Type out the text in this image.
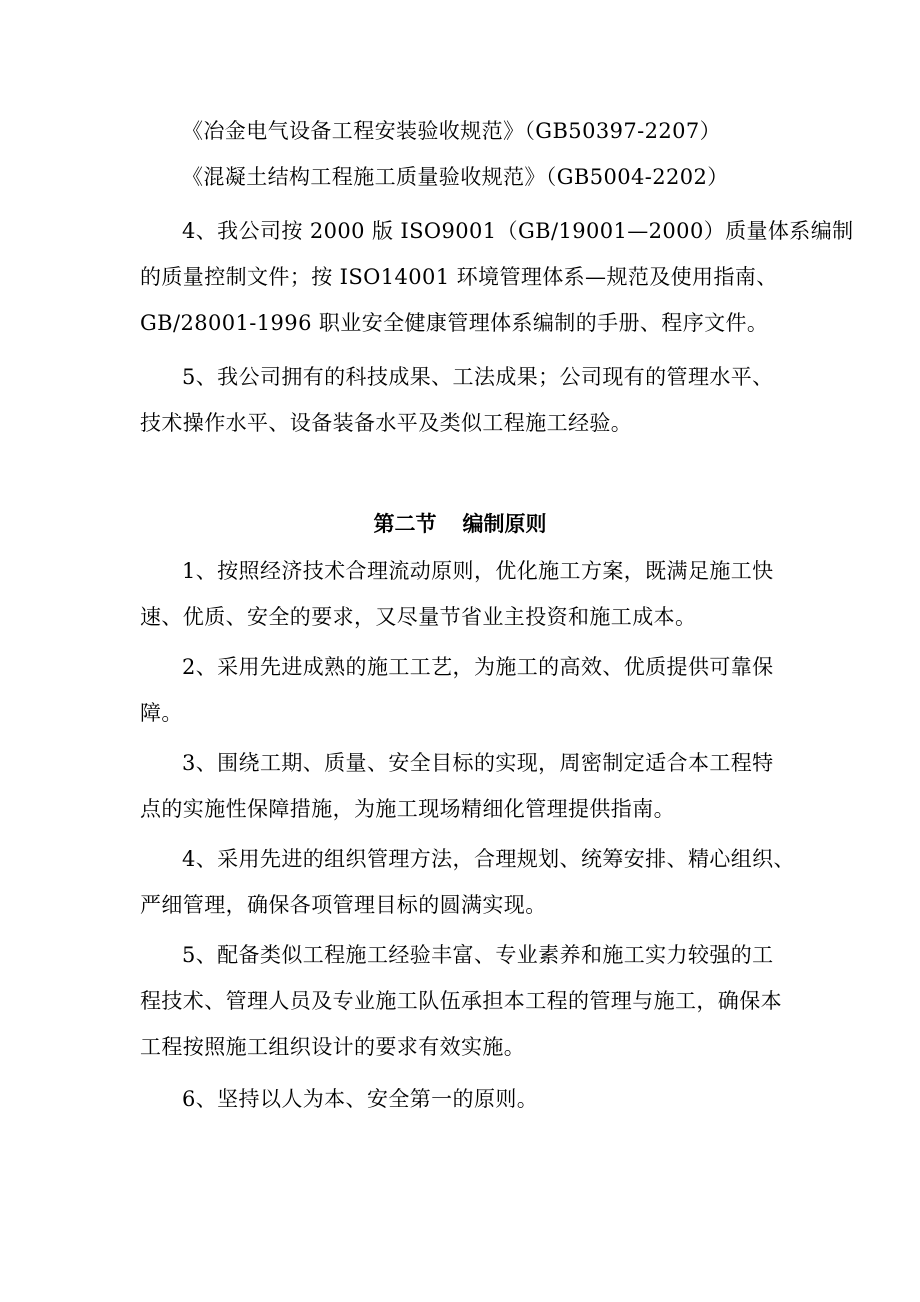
《冶金电气设备工程安装验收规范》（GB50397-2207）
《混凝土结构工程施工质量验收规范》（GB5004-2202）

4、我公司按 2000 版 ISO9001（GB/19001—2000）质量体系编制
的质量控制文件；按 ISO14001 环境管理体系—规范及使用指南、
GB/28001-1996 职业安全健康管理体系编制的手册、程序文件。

5、我公司拥有的科技成果、工法成果；公司现有的管理水平、
技术操作水平、设备装备水平及类似工程施工经验。

第二节 编制原则

1、按照经济技术合理流动原则，优化施工方案，既满足施工快
速、优质、安全的要求，又尽量节省业主投资和施工成本。

2、采用先进成熟的施工工艺，为施工的高效、优质提供可靠保
障。

3、围绕工期、质量、安全目标的实现，周密制定适合本工程特
点的实施性保障措施，为施工现场精细化管理提供指南。

4、采用先进的组织管理方法，合理规划、统筹安排、精心组织、
严细管理，确保各项管理目标的圆满实现。

5、配备类似工程施工经验丰富、专业素养和施工实力较强的工
程技术、管理人员及专业施工队伍承担本工程的管理与施工，确保本
工程按照施工组织设计的要求有效实施。

6、坚持以人为本、安全第一的原则。
